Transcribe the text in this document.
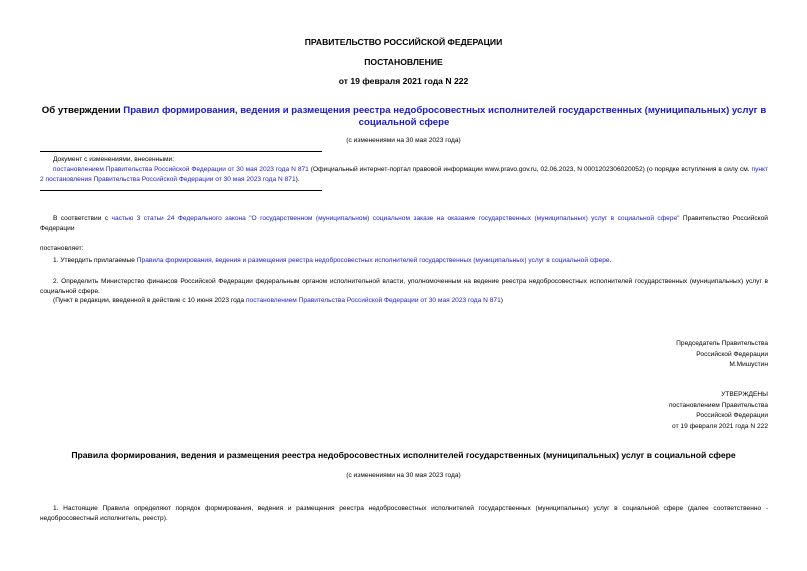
ПРАВИТЕЛЬСТВО РОССИЙСКОЙ ФЕДЕРАЦИИ
ПОСТАНОВЛЕНИЕ
от 19 февраля 2021 года N 222
Об утверждении Правил формирования, ведения и размещения реестра недобросовестных исполнителей государственных (муниципальных) услуг в социальной сфере
(с изменениями на 30 мая 2023 года)
Документ с изменениями, внесенными:
постановлением Правительства Российской Федерации от 30 мая 2023 года N 871 (Официальный интернет-портал правовой информации www.pravo.gov.ru, 02.06.2023, N 0001202306020052) (о порядке вступления в силу см. пункт 2 постановления Правительства Российской Федерации от 30 мая 2023 года N 871).
В соответствии с частью 3 статьи 24 Федерального закона "О государственном (муниципальном) социальном заказе на оказание государственных (муниципальных) услуг в социальной сфере" Правительство Российской Федерации
постановляет:
1. Утвердить прилагаемые Правила формирования, ведения и размещения реестра недобросовестных исполнителей государственных (муниципальных) услуг в социальной сфере.
2. Определить Министерство финансов Российской Федерации федеральным органом исполнительной власти, уполномоченным на ведение реестра недобросовестных исполнителей государственных (муниципальных) услуг в социальной сфере.
(Пункт в редакции, введенной в действие с 10 июня 2023 года постановлением Правительства Российской Федерации от 30 мая 2023 года N 871)
Председатель Правительства
Российской Федерации
М.Мишустин
УТВЕРЖДЕНЫ
постановлением Правительства
Российской Федерации
от 19 февраля 2021 года N 222
Правила формирования, ведения и размещения реестра недобросовестных исполнителей государственных (муниципальных) услуг в социальной сфере
(с изменениями на 30 мая 2023 года)
1. Настоящие Правила определяют порядок формирования, ведения и размещения реестра недобросовестных исполнителей государственных (муниципальных) услуг в социальной сфере (далее соответственно - недобросовестный исполнитель, реестр).
